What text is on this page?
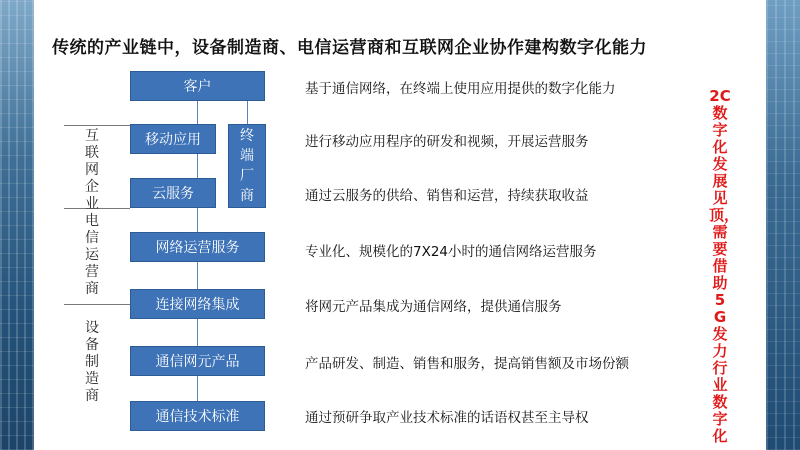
传统的产业链中，设备制造商、电信运营商和互联网企业协作建构数字化能力
客户
移动应用
云服务
网络运营服务
连接网络集成
通信网元产品
通信技术标准
终端厂商
互联网企业
电信运营商
设备制造商
基于通信网络，在终端上使用应用提供的数字化能力
进行移动应用程序的研发和视频，开展运营服务
通过云服务的供给、销售和运营，持续获取收益
专业化、规模化的7X24小时的通信网络运营服务
将网元产品集成为通信网络，提供通信服务
产品研发、制造、销售和服务，提高销售额及市场份额
通过预研争取产业技术标准的话语权甚至主导权
2C数字化发展见顶，需要借助5G发力行业数字化
